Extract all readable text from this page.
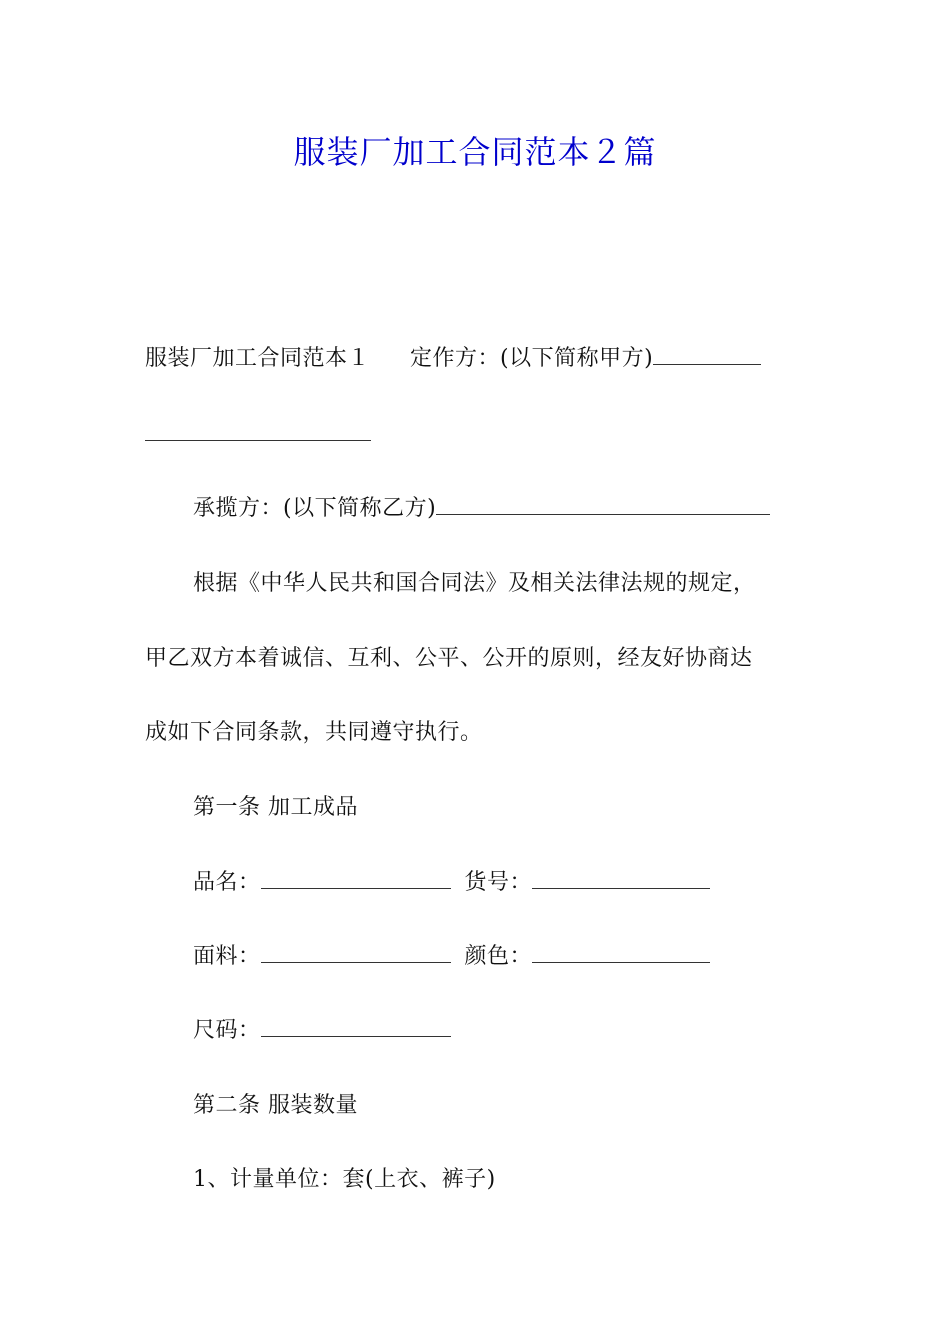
服装厂加工合同范本２篇
服装厂加工合同范本１ 定作方：(以下简称甲方)
承揽方：(以下简称乙方)
根据《中华人民共和国合同法》及相关法律法规的规定，
甲乙双方本着诚信、互利、公平、公开的原则，经友好协商达
成如下合同条款，共同遵守执行。
第一条 加工成品
品名：	货号：
面料：	颜色：
尺码：
第二条 服装数量
1、计量单位：套(上衣、裤子)
